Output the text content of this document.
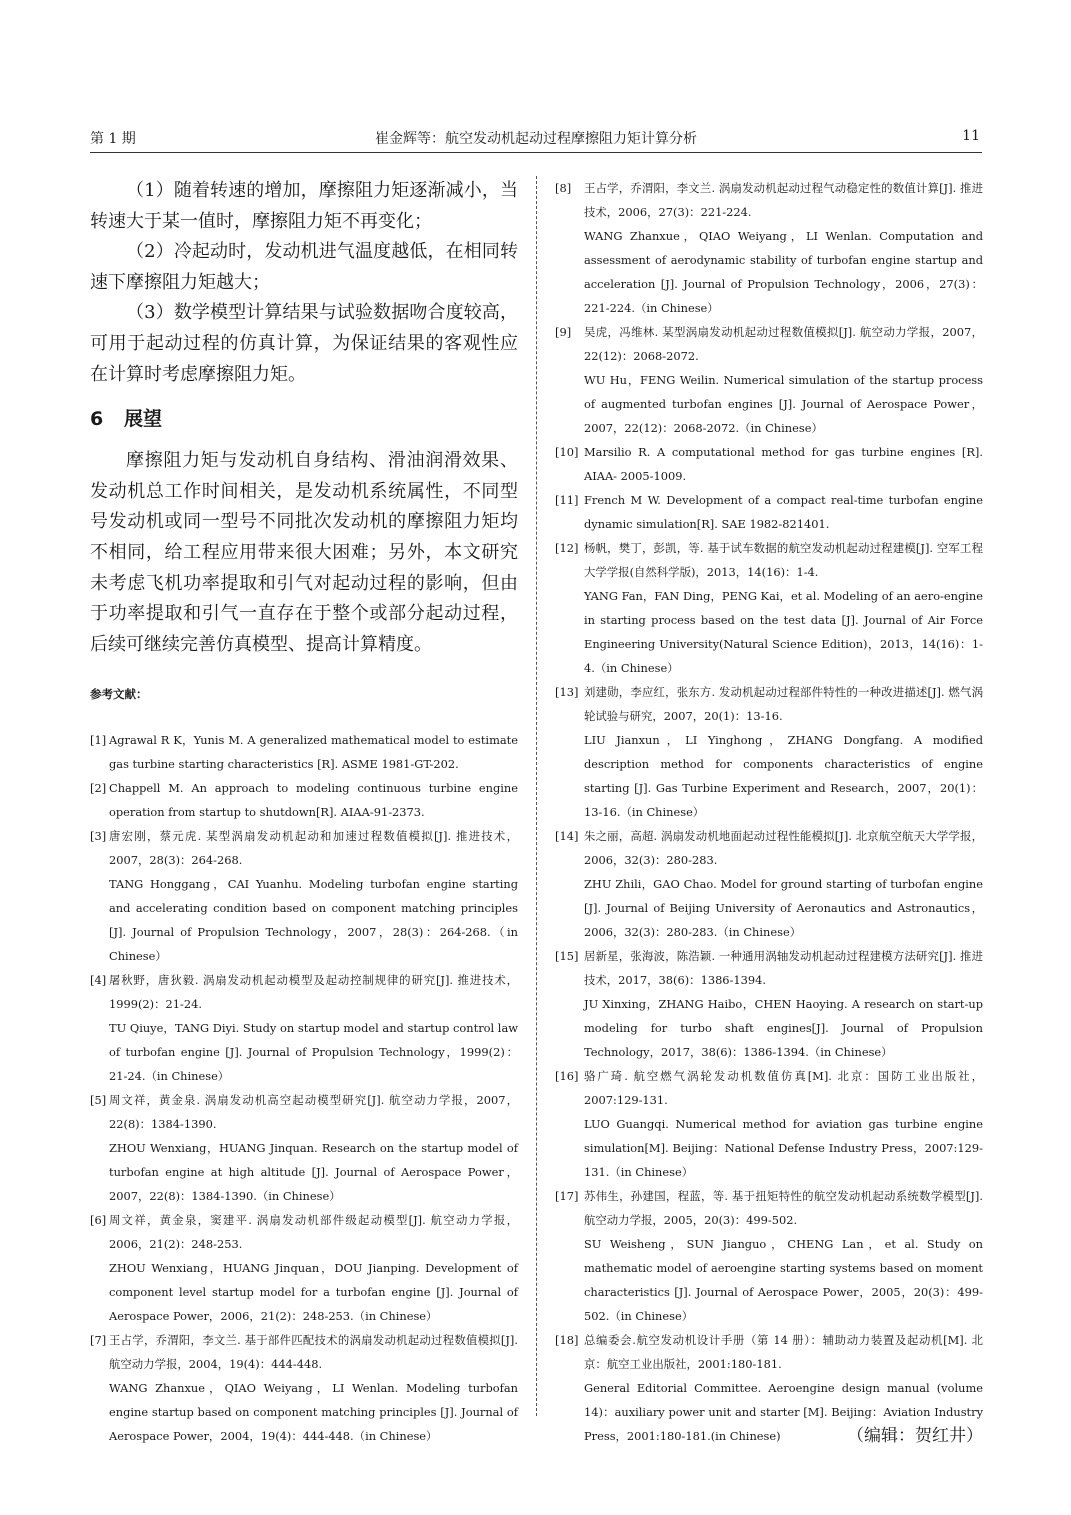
第 1 期	崔金辉等：航空发动机起动过程摩擦阻力矩计算分析	11

（1）随着转速的增加，摩擦阻力矩逐渐减小，当转速大于某一值时，摩擦阻力矩不再变化；

（2）冷起动时，发动机进气温度越低，在相同转速下摩擦阻力矩越大；

（3）数学模型计算结果与试验数据吻合度较高，可用于起动过程的仿真计算，为保证结果的客观性应在计算时考虑摩擦阻力矩。

6 展望

摩擦阻力矩与发动机自身结构、滑油润滑效果、发动机总工作时间相关，是发动机系统属性，不同型号发动机或同一型号不同批次发动机的摩擦阻力矩均不相同，给工程应用带来很大困难；另外，本文研究未考虑飞机功率提取和引气对起动过程的影响，但由于功率提取和引气一直存在于整个或部分起动过程，后续可继续完善仿真模型、提高计算精度。

参考文献：
[1] Agrawal R K，Yunis M. A generalized mathematical model to estimate gas turbine starting characteristics [R]. ASME 1981-GT-202.
[2] Chappell M. An approach to modeling continuous turbine engine operation from startup to shutdown[R]. AIAA-91-2373.
[3] 唐宏刚，蔡元虎. 某型涡扇发动机起动和加速过程数值模拟[J]. 推进技术，2007，28(3)：264-268.
TANG Honggang，CAI Yuanhu. Modeling turbofan engine starting and accelerating condition based on component matching principles [J]. Journal of Propulsion Technology，2007，28(3)：264-268.（in Chinese）
[4] 屠秋野，唐狄毅. 涡扇发动机起动模型及起动控制规律的研究[J]. 推进技术，1999(2)：21-24.
TU Qiuye，TANG Diyi. Study on startup model and startup control law of turbofan engine [J]. Journal of Propulsion Technology，1999(2)：21-24.（in Chinese）
[5] 周文祥，黄金泉. 涡扇发动机高空起动模型研究[J]. 航空动力学报，2007，22(8)：1384-1390.
ZHOU Wenxiang，HUANG Jinquan. Research on the startup model of turbofan engine at high altitude [J]. Journal of Aerospace Power，2007，22(8)：1384-1390.（in Chinese）
[6] 周文祥，黄金泉，窦建平. 涡扇发动机部件级起动模型[J]. 航空动力学报，2006，21(2)：248-253.
ZHOU Wenxiang，HUANG Jinquan，DOU Jianping. Development of component level startup model for a turbofan engine [J]. Journal of Aerospace Power，2006，21(2)：248-253.（in Chinese）
[7] 王占学，乔渭阳，李文兰. 基于部件匹配技术的涡扇发动机起动过程数值模拟[J]. 航空动力学报，2004，19(4)：444-448.
WANG Zhanxue，QIAO Weiyang，LI Wenlan. Modeling turbofan engine startup based on component matching principles [J]. Journal of Aerospace Power，2004，19(4)：444-448.（in Chinese）
[8] 王占学，乔渭阳，李文兰. 涡扇发动机起动过程气动稳定性的数值计算[J]. 推进技术，2006，27(3)：221-224.
WANG Zhanxue，QIAO Weiyang，LI Wenlan. Computation and assessment of aerodynamic stability of turbofan engine startup and acceleration [J]. Journal of Propulsion Technology，2006，27(3)：221-224.（in Chinese）
[9] 吴虎，冯维林. 某型涡扇发动机起动过程数值模拟[J]. 航空动力学报，2007，22(12)：2068-2072.
WU Hu，FENG Weilin. Numerical simulation of the startup process of augmented turbofan engines [J]. Journal of Aerospace Power，2007，22(12)：2068-2072.（in Chinese）
[10] Marsilio R. A computational method for gas turbine engines [R]. AIAA- 2005-1009.
[11] French M W. Development of a compact real-time turbofan engine dynamic simulation[R]. SAE 1982-821401.
[12] 杨帆，樊丁，彭凯，等. 基于试车数据的航空发动机起动过程建模[J]. 空军工程大学学报(自然科学版)，2013，14(16)：1-4.
YANG Fan，FAN Ding，PENG Kai，et al. Modeling of an aero-engine in starting process based on the test data [J]. Journal of Air Force Engineering University(Natural Science Edition)，2013，14(16)：1-4.（in Chinese）
[13] 刘建勋，李应红，张东方. 发动机起动过程部件特性的一种改进描述[J]. 燃气涡轮试验与研究，2007，20(1)：13-16.
LIU Jianxun，LI Yinghong，ZHANG Dongfang. A modified description method for components characteristics of engine starting [J]. Gas Turbine Experiment and Research，2007，20(1)：13-16.（in Chinese）
[14] 朱之丽，高超. 涡扇发动机地面起动过程性能模拟[J]. 北京航空航天大学学报，2006，32(3)：280-283.
ZHU Zhili，GAO Chao. Model for ground starting of turbofan engine [J]. Journal of Beijing University of Aeronautics and Astronautics，2006，32(3)：280-283.（in Chinese）
[15] 居新星，张海波，陈浩颖. 一种通用涡轴发动机起动过程建模方法研究[J]. 推进技术，2017，38(6)：1386-1394.
JU Xinxing，ZHANG Haibo，CHEN Haoying. A research on start-up modeling for turbo shaft engines[J]. Journal of Propulsion Technology，2017，38(6)：1386-1394.（in Chinese）
[16] 骆广琦. 航空燃气涡轮发动机数值仿真[M]. 北京：国防工业出版社，2007:129-131.
LUO Guangqi. Numerical method for aviation gas turbine engine simulation[M]. Beijing：National Defense Industry Press，2007:129-131.（in Chinese）
[17] 苏伟生，孙建国，程蓝，等. 基于扭矩特性的航空发动机起动系统数学模型[J]. 航空动力学报，2005，20(3)：499-502.
SU Weisheng，SUN Jianguo，CHENG Lan，et al. Study on mathematic model of aeroengine starting systems based on moment characteristics [J]. Journal of Aerospace Power，2005，20(3)：499-502.（in Chinese）
[18] 总编委会.航空发动机设计手册（第 14 册）：辅助动力装置及起动机[M]. 北京：航空工业出版社，2001:180-181.
General Editorial Committee. Aeroengine design manual (volume 14)：auxiliary power unit and starter [M]. Beijing：Aviation Industry Press，2001:180-181.(in Chinese)	（编辑：贺红井）
